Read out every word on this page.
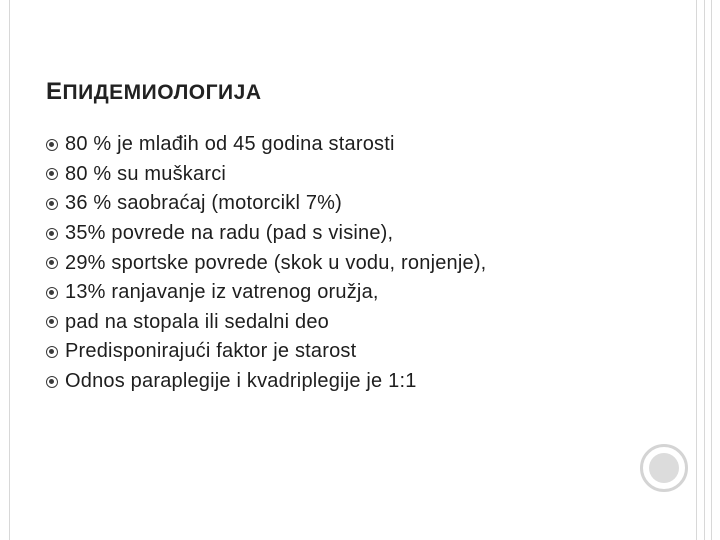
ЕПИДЕМИОЛОГИЈА
80 % je mlađih od 45 godina starosti
80 % su muškarci
36 % saobraćaj (motorcikl 7%)
35% povrede na radu (pad s visine),
29% sportske povrede (skok u vodu, ronjenje),
13% ranjavanje iz vatrenog oružja,
pad na stopala ili sedalni deo
Predisponirajući faktor je starost
Odnos paraplegije i kvadriplegije je 1:1
